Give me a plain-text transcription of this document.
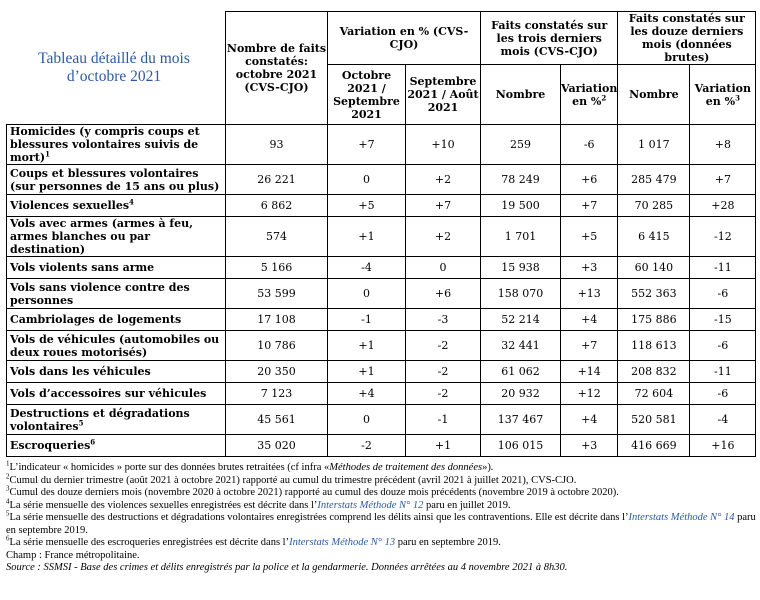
Tableau détaillé du mois d’octobre 2021
	Nombre de faits constatés: octobre 2021 (CVS-CJO)	Variation en % (CVS-CJO)		Faits constatés sur les trois derniers mois (CVS-CJO)		Faits constatés sur les douze derniers mois (données brutes)	
		Octobre 2021 / Septembre 2021	Septembre 2021 / Août 2021	Nombre	Variation en %$^2$	Nombre	Variation en %$^3$
Homicides (y compris coups et blessures volontaires suivis de mort)$^1$	93	+7	+10	259	-6	1 017	+8
Coups et blessures volontaires (sur personnes de 15 ans ou plus)	26 221	0	+2	78 249	+6	285 479	+7
Violences sexuelles$^4$	6 862	+5	+7	19 500	+7	70 285	+28
Vols avec armes (armes à feu, armes blanches ou par destination)	574	+1	+2	1 701	+5	6 415	-12
Vols violents sans arme	5 166	-4	0	15 938	+3	60 140	-11
Vols sans violence contre des personnes	53 599	0	+6	158 070	+13	552 363	-6
Cambriolages de logements	17 108	-1	-3	52 214	+4	175 886	-15
Vols de véhicules (automobiles ou deux roues motorisés)	10 786	+1	-2	32 441	+7	118 613	-6
Vols dans les véhicules	20 350	+1	-2	61 062	+14	208 832	-11
Vols d’accessoires sur véhicules	7 123	+4	-2	20 932	+12	72 604	-6
Destructions et dégradations volontaires$^5$	45 561	0	-1	137 467	+4	520 581	-4
Escroqueries$^6$	35 020	-2	+1	106 015	+3	416 669	+16
$^1$L’indicateur « homicides » porte sur des données brutes retraitées (cf infra «Méthodes de traitement des données»).
$^2$Cumul du dernier trimestre (août 2021 à octobre 2021) rapporté au cumul du trimestre précédent (avril 2021 à juillet 2021), CVS-CJO.
$^3$Cumul des douze derniers mois (novembre 2020 à octobre 2021) rapporté au cumul des douze mois précédents (novembre 2019 à octobre 2020).
$^4$La série mensuelle des violences sexuelles enregistrées est décrite dans l’Interstats Méthode N° 12 paru en juillet 2019.
$^5$La série mensuelle des destructions et dégradations volontaires enregistrées comprend les délits ainsi que les contraventions. Elle est décrite dans l’Interstats Méthode N° 14 paru en septembre 2019.
$^6$La série mensuelle des escroqueries enregistrées est décrite dans l’Interstats Méthode N° 13 paru en septembre 2019.
Champ : France métropolitaine.
Source : SSMSI - Base des crimes et délits enregistrés par la police et la gendarmerie. Données arrêtées au 4 novembre 2021 à 8h30.
